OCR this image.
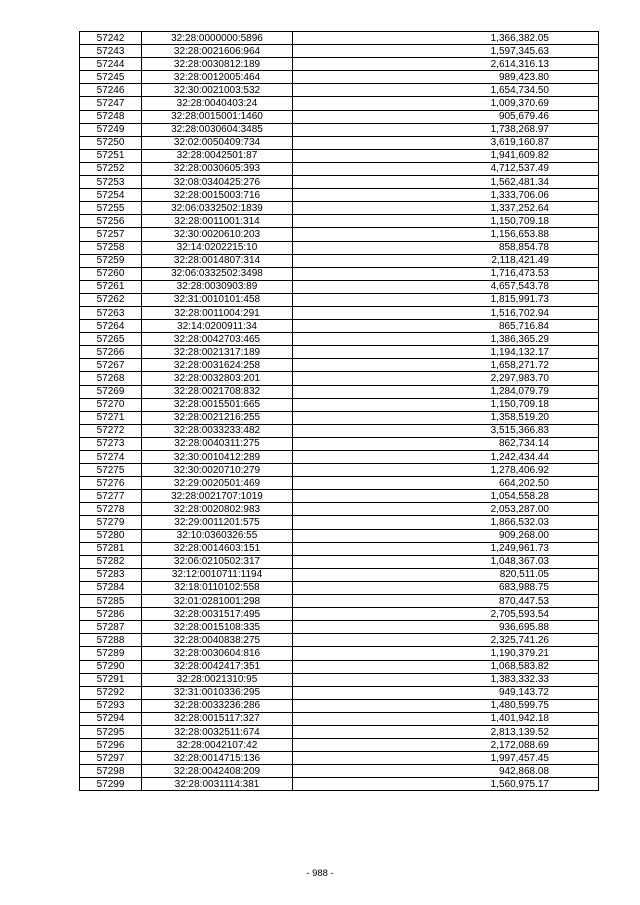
57242	32:28:0000000:5896	1,366,382.05
57243	32:28:0021606:964	1,597,345.63
57244	32:28:0030812:189	2,614,316.13
57245	32:28:0012005:464	989,423.80
57246	32:30:0021003:532	1,654,734.50
57247	32:28:0040403:24	1,009,370.69
57248	32:28:0015001:1460	905,679.46
57249	32:28:0030604:3485	1,738,268.97
57250	32:02:0050409:734	3,619,160.87
57251	32:28:0042501:87	1,941,609.82
57252	32:28:0030605:393	4,712,537.49
57253	32:08:0340425:276	1,562,481.34
57254	32:28:0015003:716	1,333,706.06
57255	32:06:0332502:1839	1,337,252.64
57256	32:28:0011001:314	1,150,709.18
57257	32:30:0020610:203	1,156,653.88
57258	32:14:0202215:10	858,854.78
57259	32:28:0014807:314	2,118,421.49
57260	32:06:0332502:3498	1,716,473.53
57261	32:28:0030903:89	4,657,543.78
57262	32:31:0010101:458	1,815,991.73
57263	32:28:0011004:291	1,516,702.94
57264	32:14:0200911:34	865,716.84
57265	32:28:0042703:465	1,386,365.29
57266	32:28:0021317:189	1,194,132.17
57267	32:28:0031624:258	1,658,271.72
57268	32:28:0032803:201	2,297,983.70
57269	32:28:0021708:832	1,284,079.79
57270	32:28:0015501:665	1,150,709.18
57271	32:28:0021216:255	1,358,519.20
57272	32:28:0033233:482	3,515,366.83
57273	32:28:0040311:275	862,734.14
57274	32:30:0010412:289	1,242,434.44
57275	32:30:0020710:279	1,278,406.92
57276	32:29:0020501:469	664,202.50
57277	32:28:0021707:1019	1,054,558.28
57278	32:28:0020802:983	2,053,287.00
57279	32:29:0011201:575	1,866,532.03
57280	32:10:0360326:55	909,268.00
57281	32:28:0014603:151	1,249,961.73
57282	32:06:0210502:317	1,048,367.03
57283	32:12:0010711:1194	820,511.05
57284	32:18:0110102:558	683,988.75
57285	32:01:0281001:298	870,447.53
57286	32:28:0031517:495	2,705,593.54
57287	32:28:0015108:335	936,695.88
57288	32:28:0040838:275	2,325,741.26
57289	32:28:0030604:816	1,190,379.21
57290	32:28:0042417:351	1,068,583.82
57291	32:28:0021310:95	1,383,332.33
57292	32:31:0010336:295	949,143.72
57293	32:28:0033236:286	1,480,599.75
57294	32:28:0015117:327	1,401,942.18
57295	32:28:0032511:674	2,813,139.52
57296	32:28:0042107:42	2,172,088.69
57297	32:28:0014715:136	1,997,457.45
57298	32:28:0042408:209	942,868.08
57299	32:28:0031114:381	1,560,975.17
- 988 -
